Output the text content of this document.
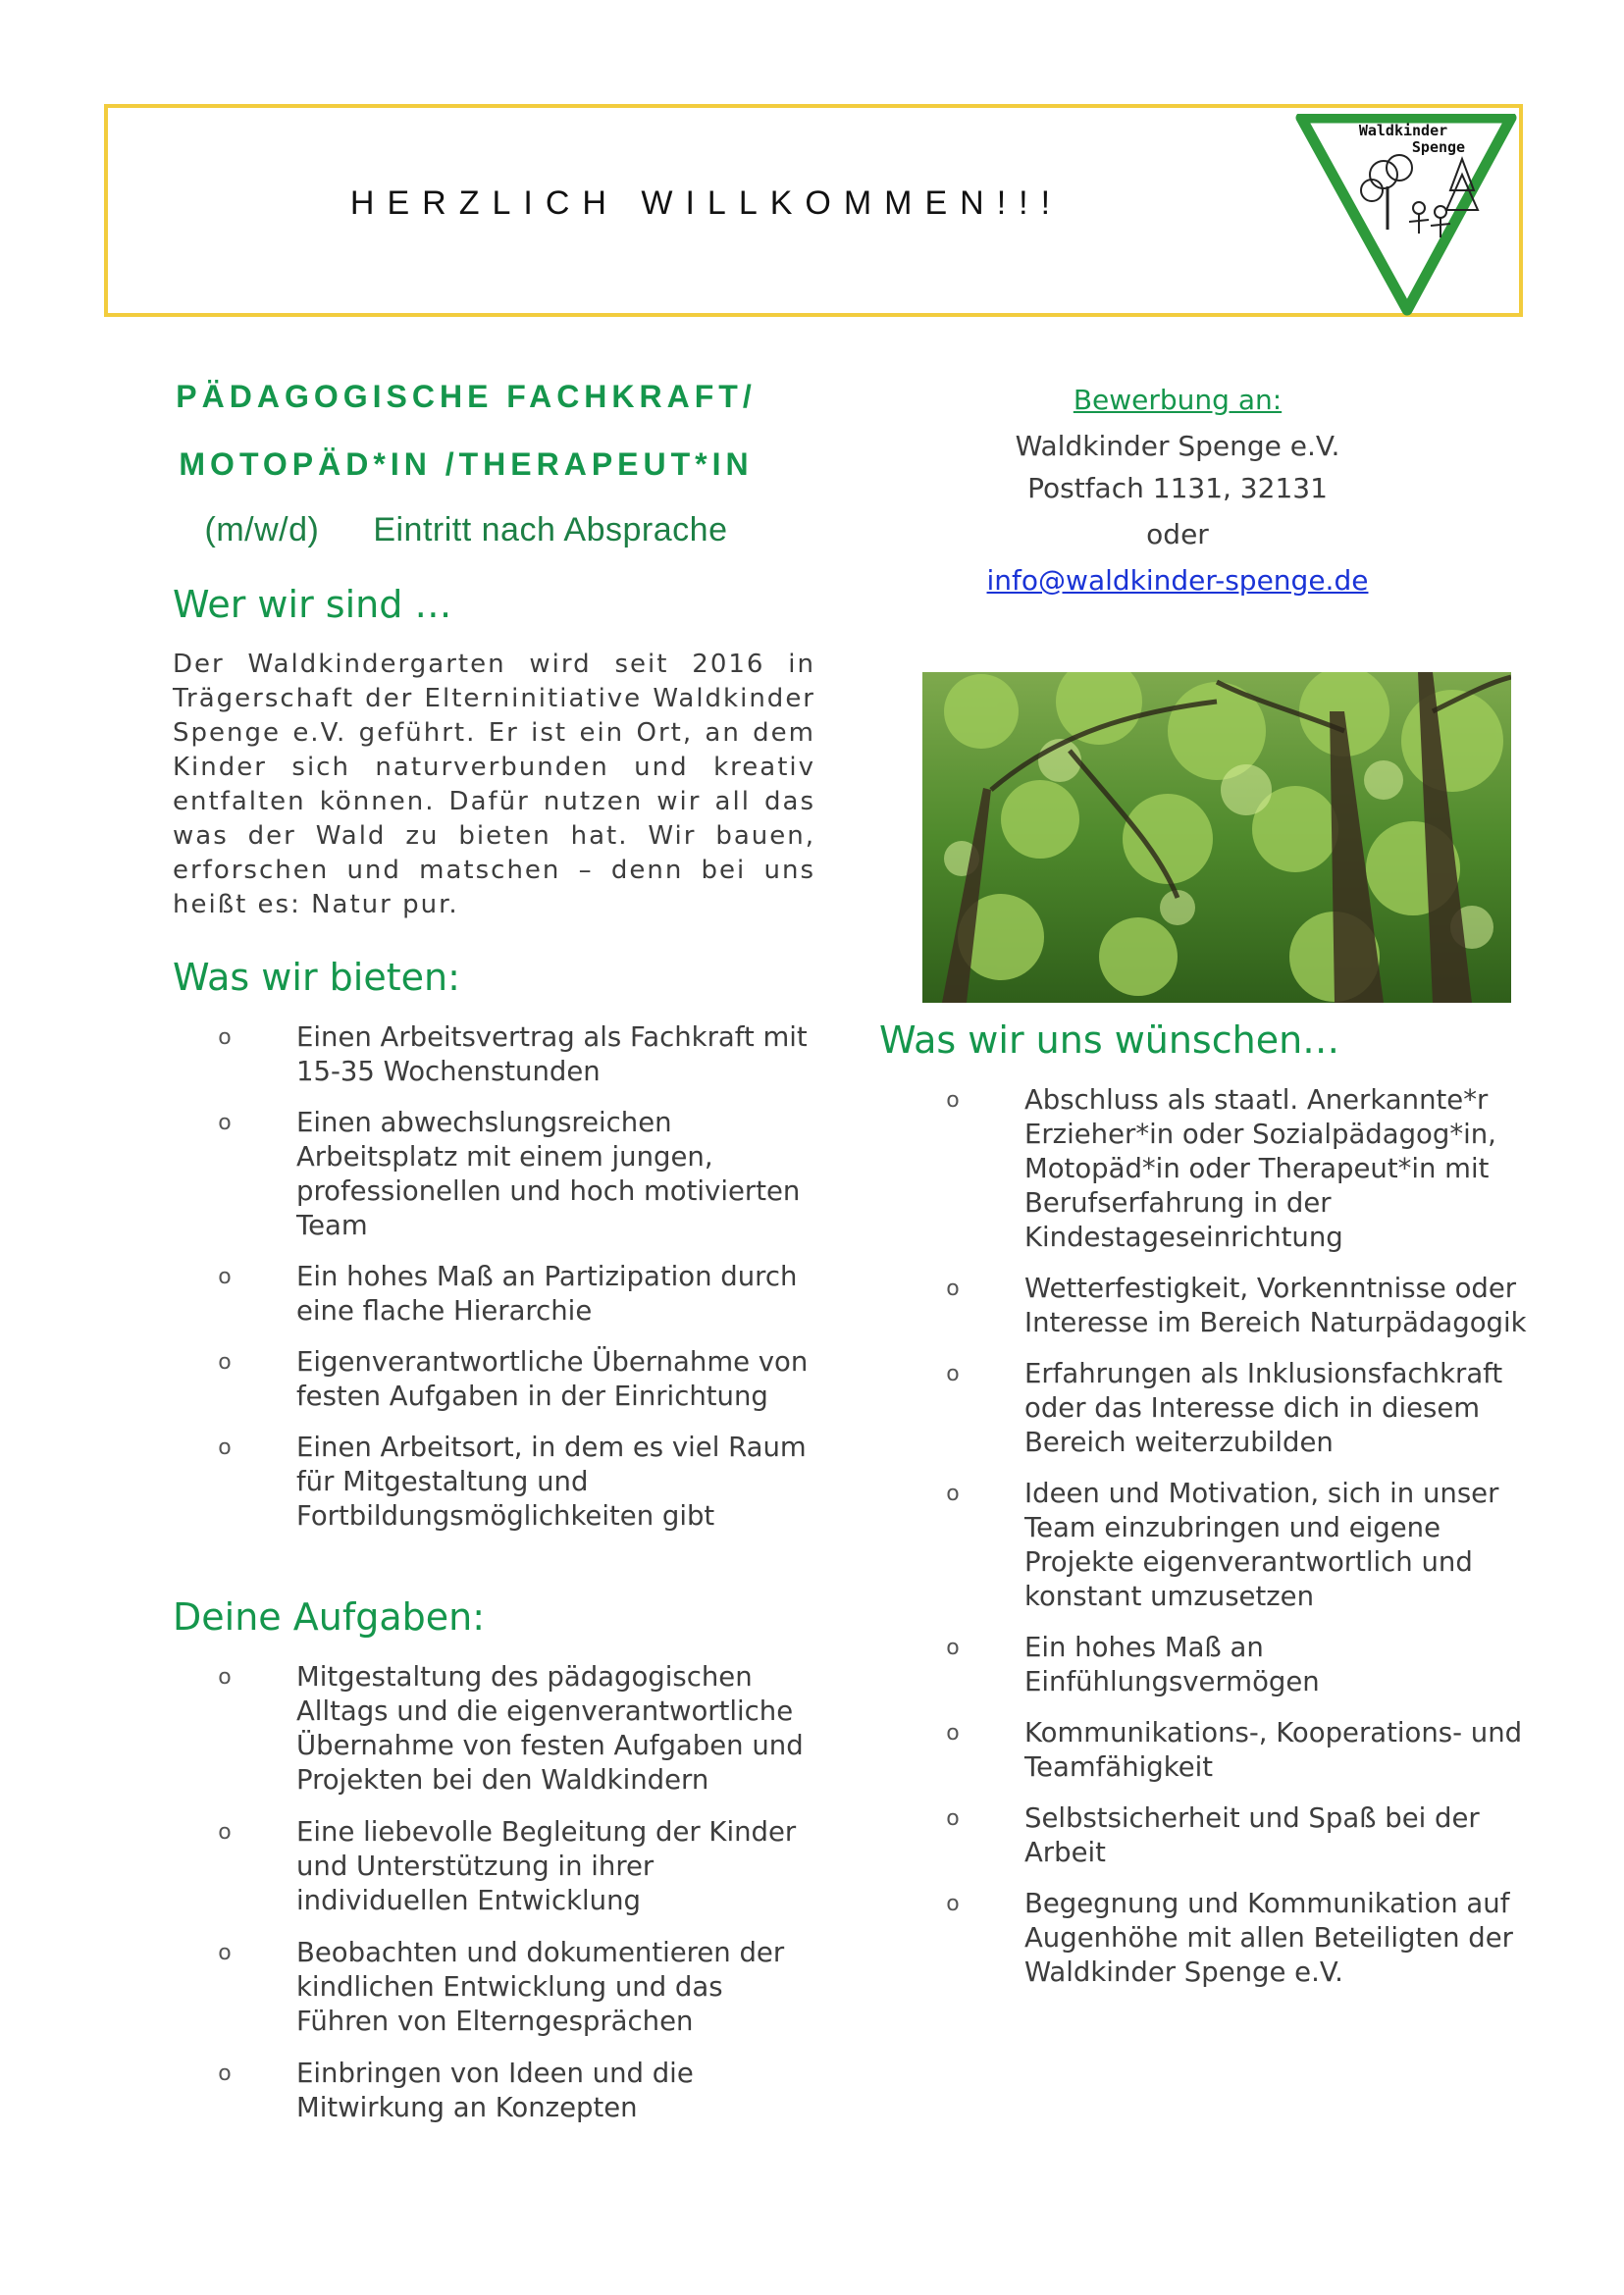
HERZLICH WILLKOMMEN!!!
Waldkinder
Spenge
PÄDAGOGISCHE FACHKRAFT/
MOTOPÄD*IN /THERAPEUT*IN
(m/w/d) Eintritt nach Absprache
Bewerbung an:
Waldkinder Spenge e.V.
Postfach 1131, 32131
oder
info@waldkinder-spenge.de
Wer wir sind …
Der Waldkindergarten wird seit 2016 in Trägerschaft der Elterninitiative Waldkinder Spenge e.V. geführt. Er ist ein Ort, an dem Kinder sich naturverbunden und kreativ entfalten können. Dafür nutzen wir all das was der Wald zu bieten hat. Wir bauen, erforschen und matschen – denn bei uns heißt es: Natur pur.
Was wir bieten:
o	Einen Arbeitsvertrag als Fachkraft mit 15-35 Wochenstunden
o	Einen abwechslungsreichen Arbeitsplatz mit einem jungen, professionellen und hoch motivierten Team
o	Ein hohes Maß an Partizipation durch eine flache Hierarchie
o	Eigenverantwortliche Übernahme von festen Aufgaben in der Einrichtung
o	Einen Arbeitsort, in dem es viel Raum für Mitgestaltung und Fortbildungsmöglichkeiten gibt
Deine Aufgaben:
o	Mitgestaltung des pädagogischen Alltags und die eigenverantwortliche Übernahme von festen Aufgaben und Projekten bei den Waldkindern
o	Eine liebevolle Begleitung der Kinder und Unterstützung in ihrer individuellen Entwicklung
o	Beobachten und dokumentieren der kindlichen Entwicklung und das Führen von Elterngesprächen
o	Einbringen von Ideen und die Mitwirkung an Konzepten
Was wir uns wünschen…
o	Abschluss als staatl. Anerkannte*r Erzieher*in oder Sozialpädagog*in, Motopäd*in oder Therapeut*in mit Berufserfahrung in der Kindestageseinrichtung
o	Wetterfestigkeit, Vorkenntnisse oder Interesse im Bereich Naturpädagogik
o	Erfahrungen als Inklusionsfachkraft oder das Interesse dich in diesem Bereich weiterzubilden
o	Ideen und Motivation, sich in unser Team einzubringen und eigene Projekte eigenverantwortlich und konstant umzusetzen
o	Ein hohes Maß an Einfühlungsvermögen
o	Kommunikations-, Kooperations- und Teamfähigkeit
o	Selbstsicherheit und Spaß bei der Arbeit
o	Begegnung und Kommunikation auf Augenhöhe mit allen Beteiligten der Waldkinder Spenge e.V.
